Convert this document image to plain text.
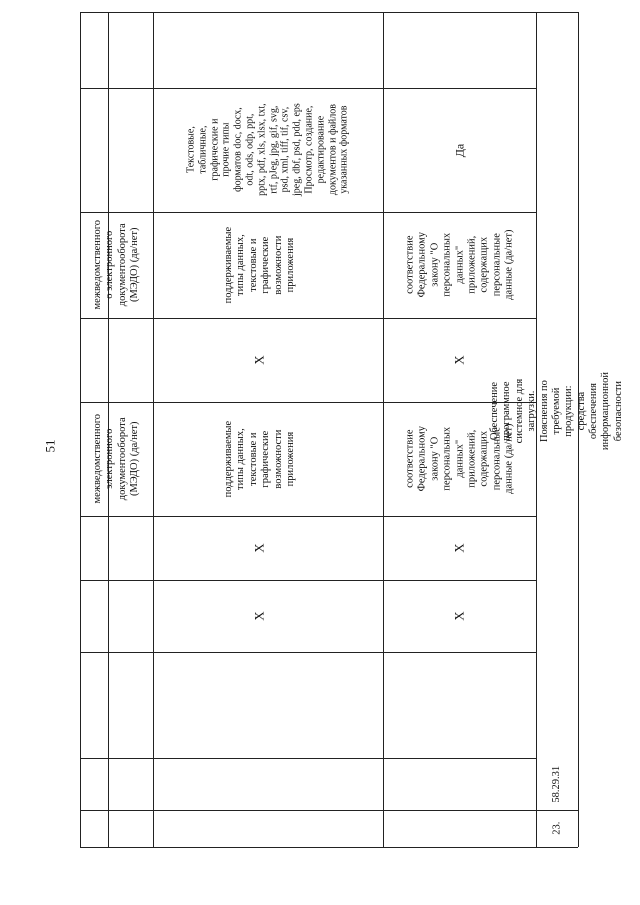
51	межведомственного
электронного
документооборота
(МЭДО) (да/нет)
межведомственного
о электронного
документооборота
(МЭДО) (да/нет)
поддерживаемые
типы данных,
текстовые и
графические
возможности
приложения
поддерживаемые
типы данных,
текстовые и
графические
возможности
приложения
X
X
X
Текстовые,
табличные,
графические и
прочие типы
форматов doc, docx,
odt, ods, odp, ppt,
pptx, pdf, xls, xlsx, txt,
rtf, pJeg, jpg, gif, svg,
psd, xml, tiff, tif, csv,
jpeg, dbf, psd, pdd, eps
Просмотр, создание,
редактирование
документов и файлов
указанных форматов
соответствие
Федеральному
закону "О
персональных
данных"
приложений,
содержащих
персональные
данные (да/нет)
соответствие
Федеральному
закону "О
персональных
данных"
приложений,
содержащих
персональные
данные (да/нет)
X
X
X
Да
Обеспечение программное системное для загрузки. Пояснения по требуемой продукции: средства обеспечения информационной безопасности
58.29.31
23.
